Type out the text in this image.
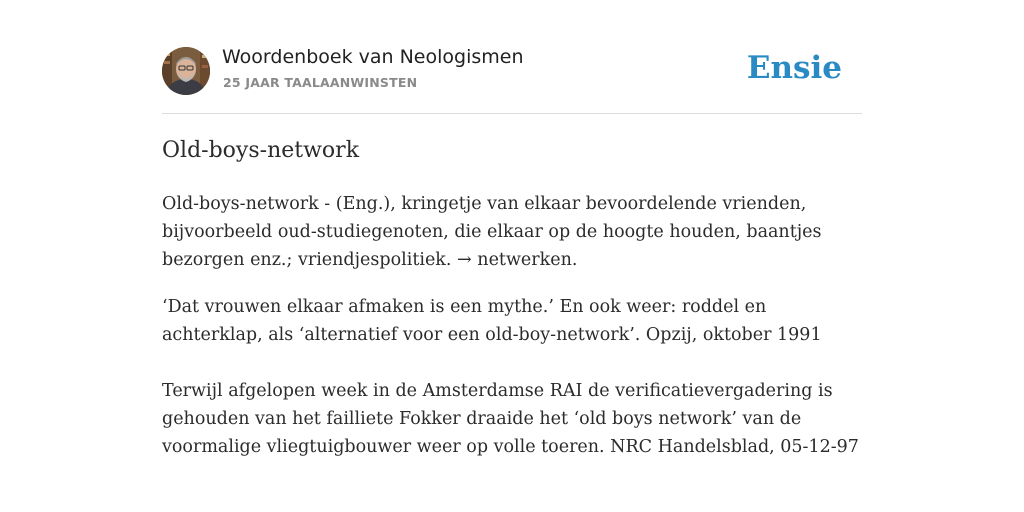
Woordenboek van Neologismen
25 JAAR TAALAANWINSTEN	Ensie
Old-boys-network

Old-boys-network - (Eng.), kringetje van elkaar bevoordelende vrienden, bijvoorbeeld oud-studiegenoten, die elkaar op de hoogte houden, baantjes bezorgen enz.; vriendjespolitiek. → netwerken.

‘Dat vrouwen elkaar afmaken is een mythe.’ En ook weer: roddel en achterklap, als ‘alternatief voor een old-boy-network’. Opzij, oktober 1991

Terwijl afgelopen week in de Amsterdamse RAI de verificatievergadering is gehouden van het failliete Fokker draaide het ‘old boys network’ van de voormalige vliegtuigbouwer weer op volle toeren. NRC Handelsblad, 05-12-97
